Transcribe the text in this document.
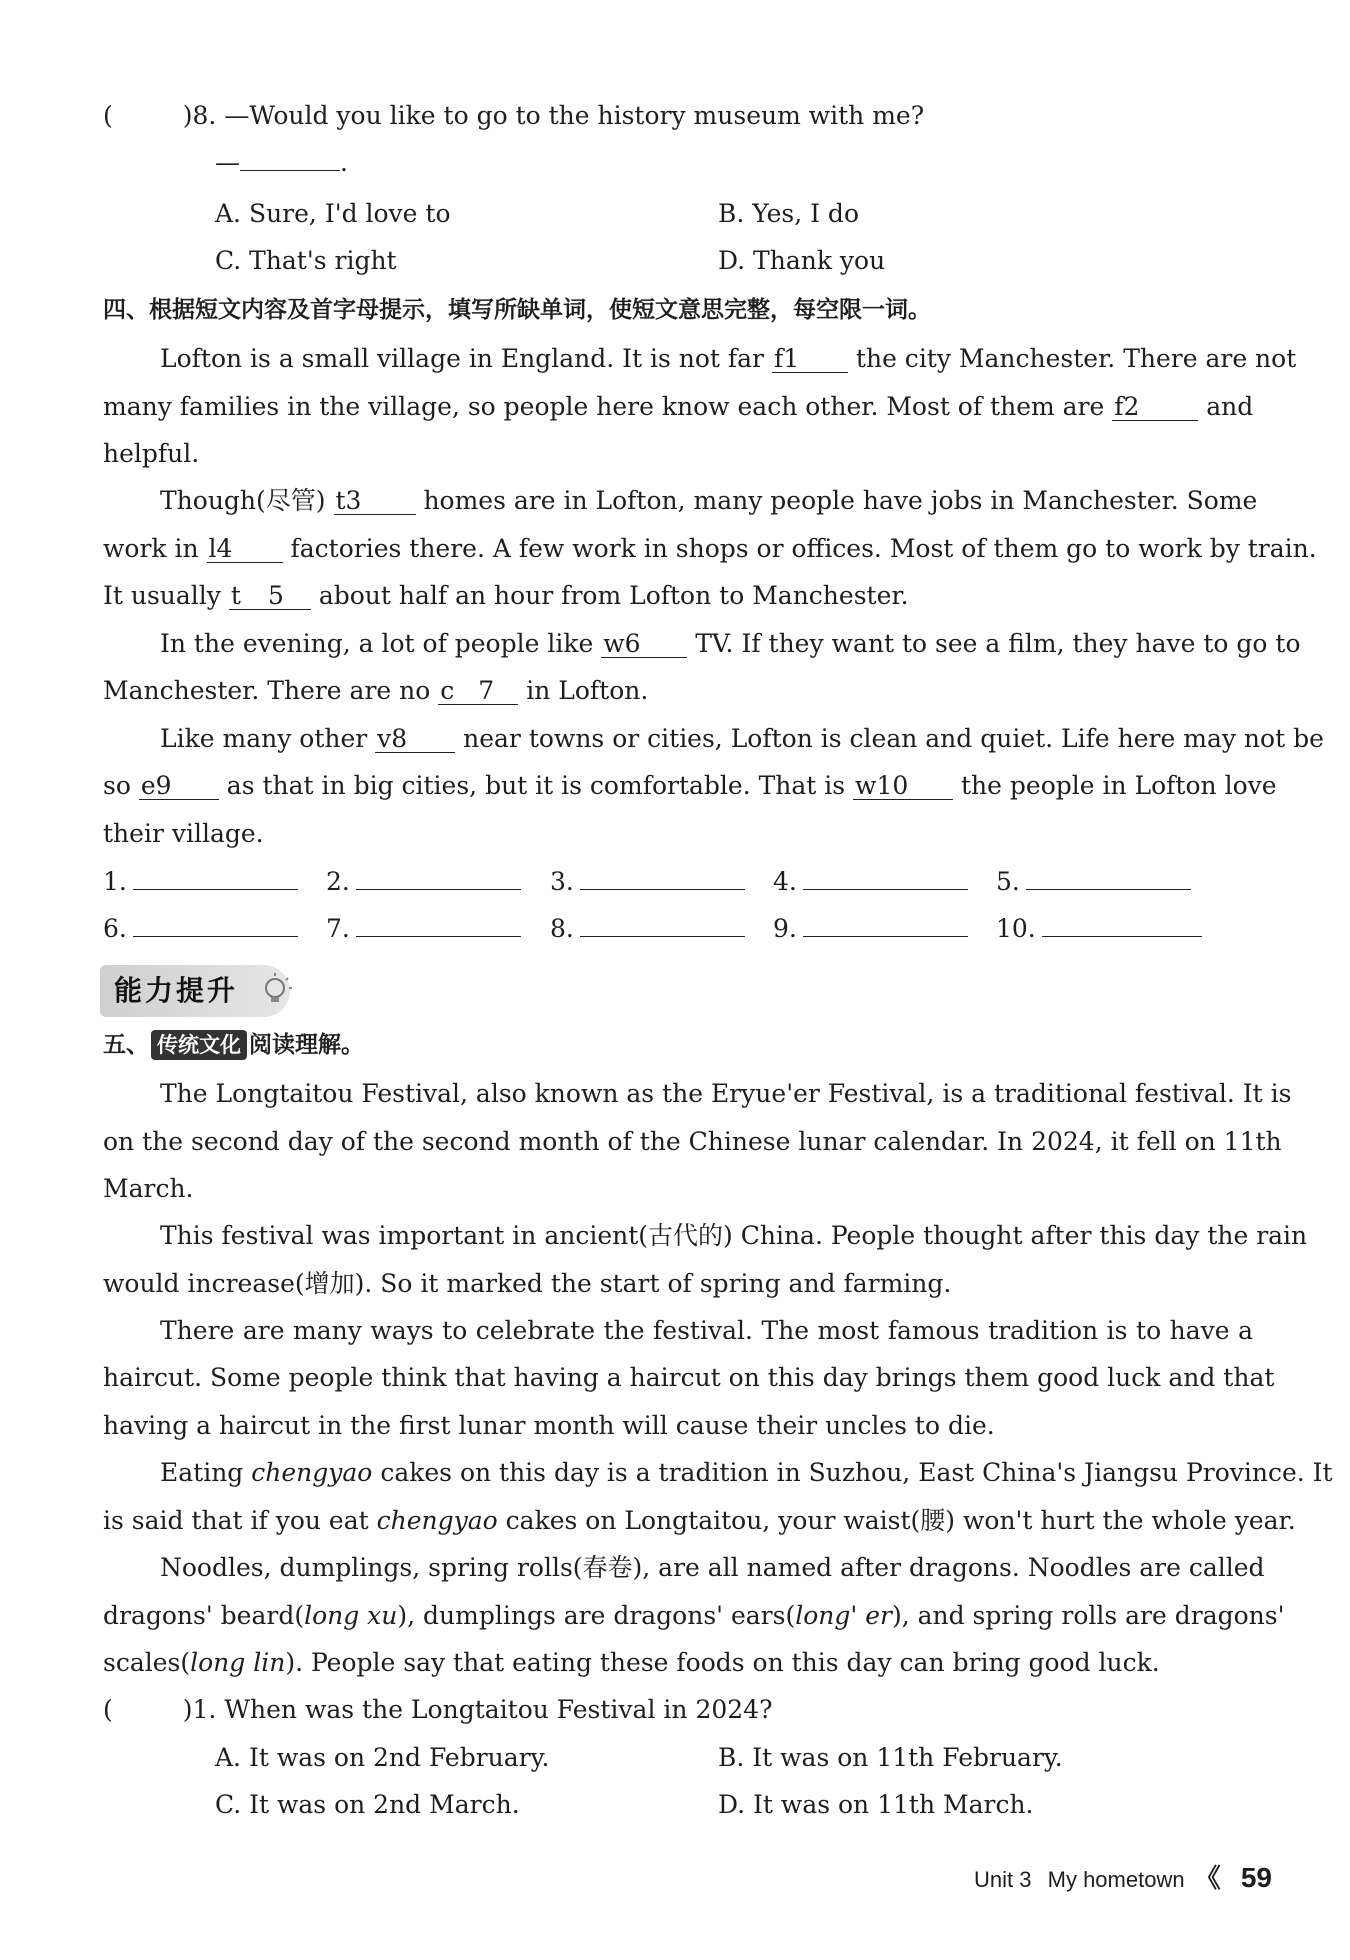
(	)8. —Would you like to go to the history museum with me?
—	.
A. Sure, I'd love to	B. Yes, I do
C. That's right	D. Thank you
四、根据短文内容及首字母提示，填写所缺单词，使短文意思完整，每空限一词。
Lofton is a small village in England. It is not far f 1 the city Manchester. There are not
many families in the village, so people here know each other. Most of them are f 2	and
helpful.
Though(尽管) t 3 homes are in Lofton, many people have jobs in Manchester. Some
work in l 4 factories there. A few work in shops or offices. Most of them go to work by train.
It usually t 5 about half an hour from Lofton to Manchester.
In the evening, a lot of people like w 6 TV. If they want to see a film, they have to go to
Manchester. There are no c 7 in Lofton.
Like many other v 8 near towns or cities, Lofton is clean and quiet. Life here may not be
so e 9 as that in big cities, but it is comfortable. That is w 10 the people in Lofton love
their village.
1.	2.	3.	4.	5.
6.	7.	8.	9.	10.
能力提升
五、 传统文化 阅读理解。
The Longtaitou Festival, also known as the Eryue'er Festival, is a traditional festival. It is
on the second day of the second month of the Chinese lunar calendar. In 2024, it fell on 11th
March.
This festival was important in ancient(古代的) China. People thought after this day the rain
would increase(增加). So it marked the start of spring and farming.
There are many ways to celebrate the festival. The most famous tradition is to have a
haircut. Some people think that having a haircut on this day brings them good luck and that
having a haircut in the first lunar month will cause their uncles to die.
Eating chengyao cakes on this day is a tradition in Suzhou, East China's Jiangsu Province. It
is said that if you eat chengyao cakes on Longtaitou, your waist(腰) won't hurt the whole year.
Noodles, dumplings, spring rolls(春卷), are all named after dragons. Noodles are called
dragons' beard(long xu), dumplings are dragons' ears(long' er), and spring rolls are dragons'
scales(long lin). People say that eating these foods on this day can bring good luck.
(	)1. When was the Longtaitou Festival in 2024?
A. It was on 2nd February.	B. It was on 11th February.
C. It was on 2nd March.	D. It was on 11th March.
Unit 3 My hometown 《 59
